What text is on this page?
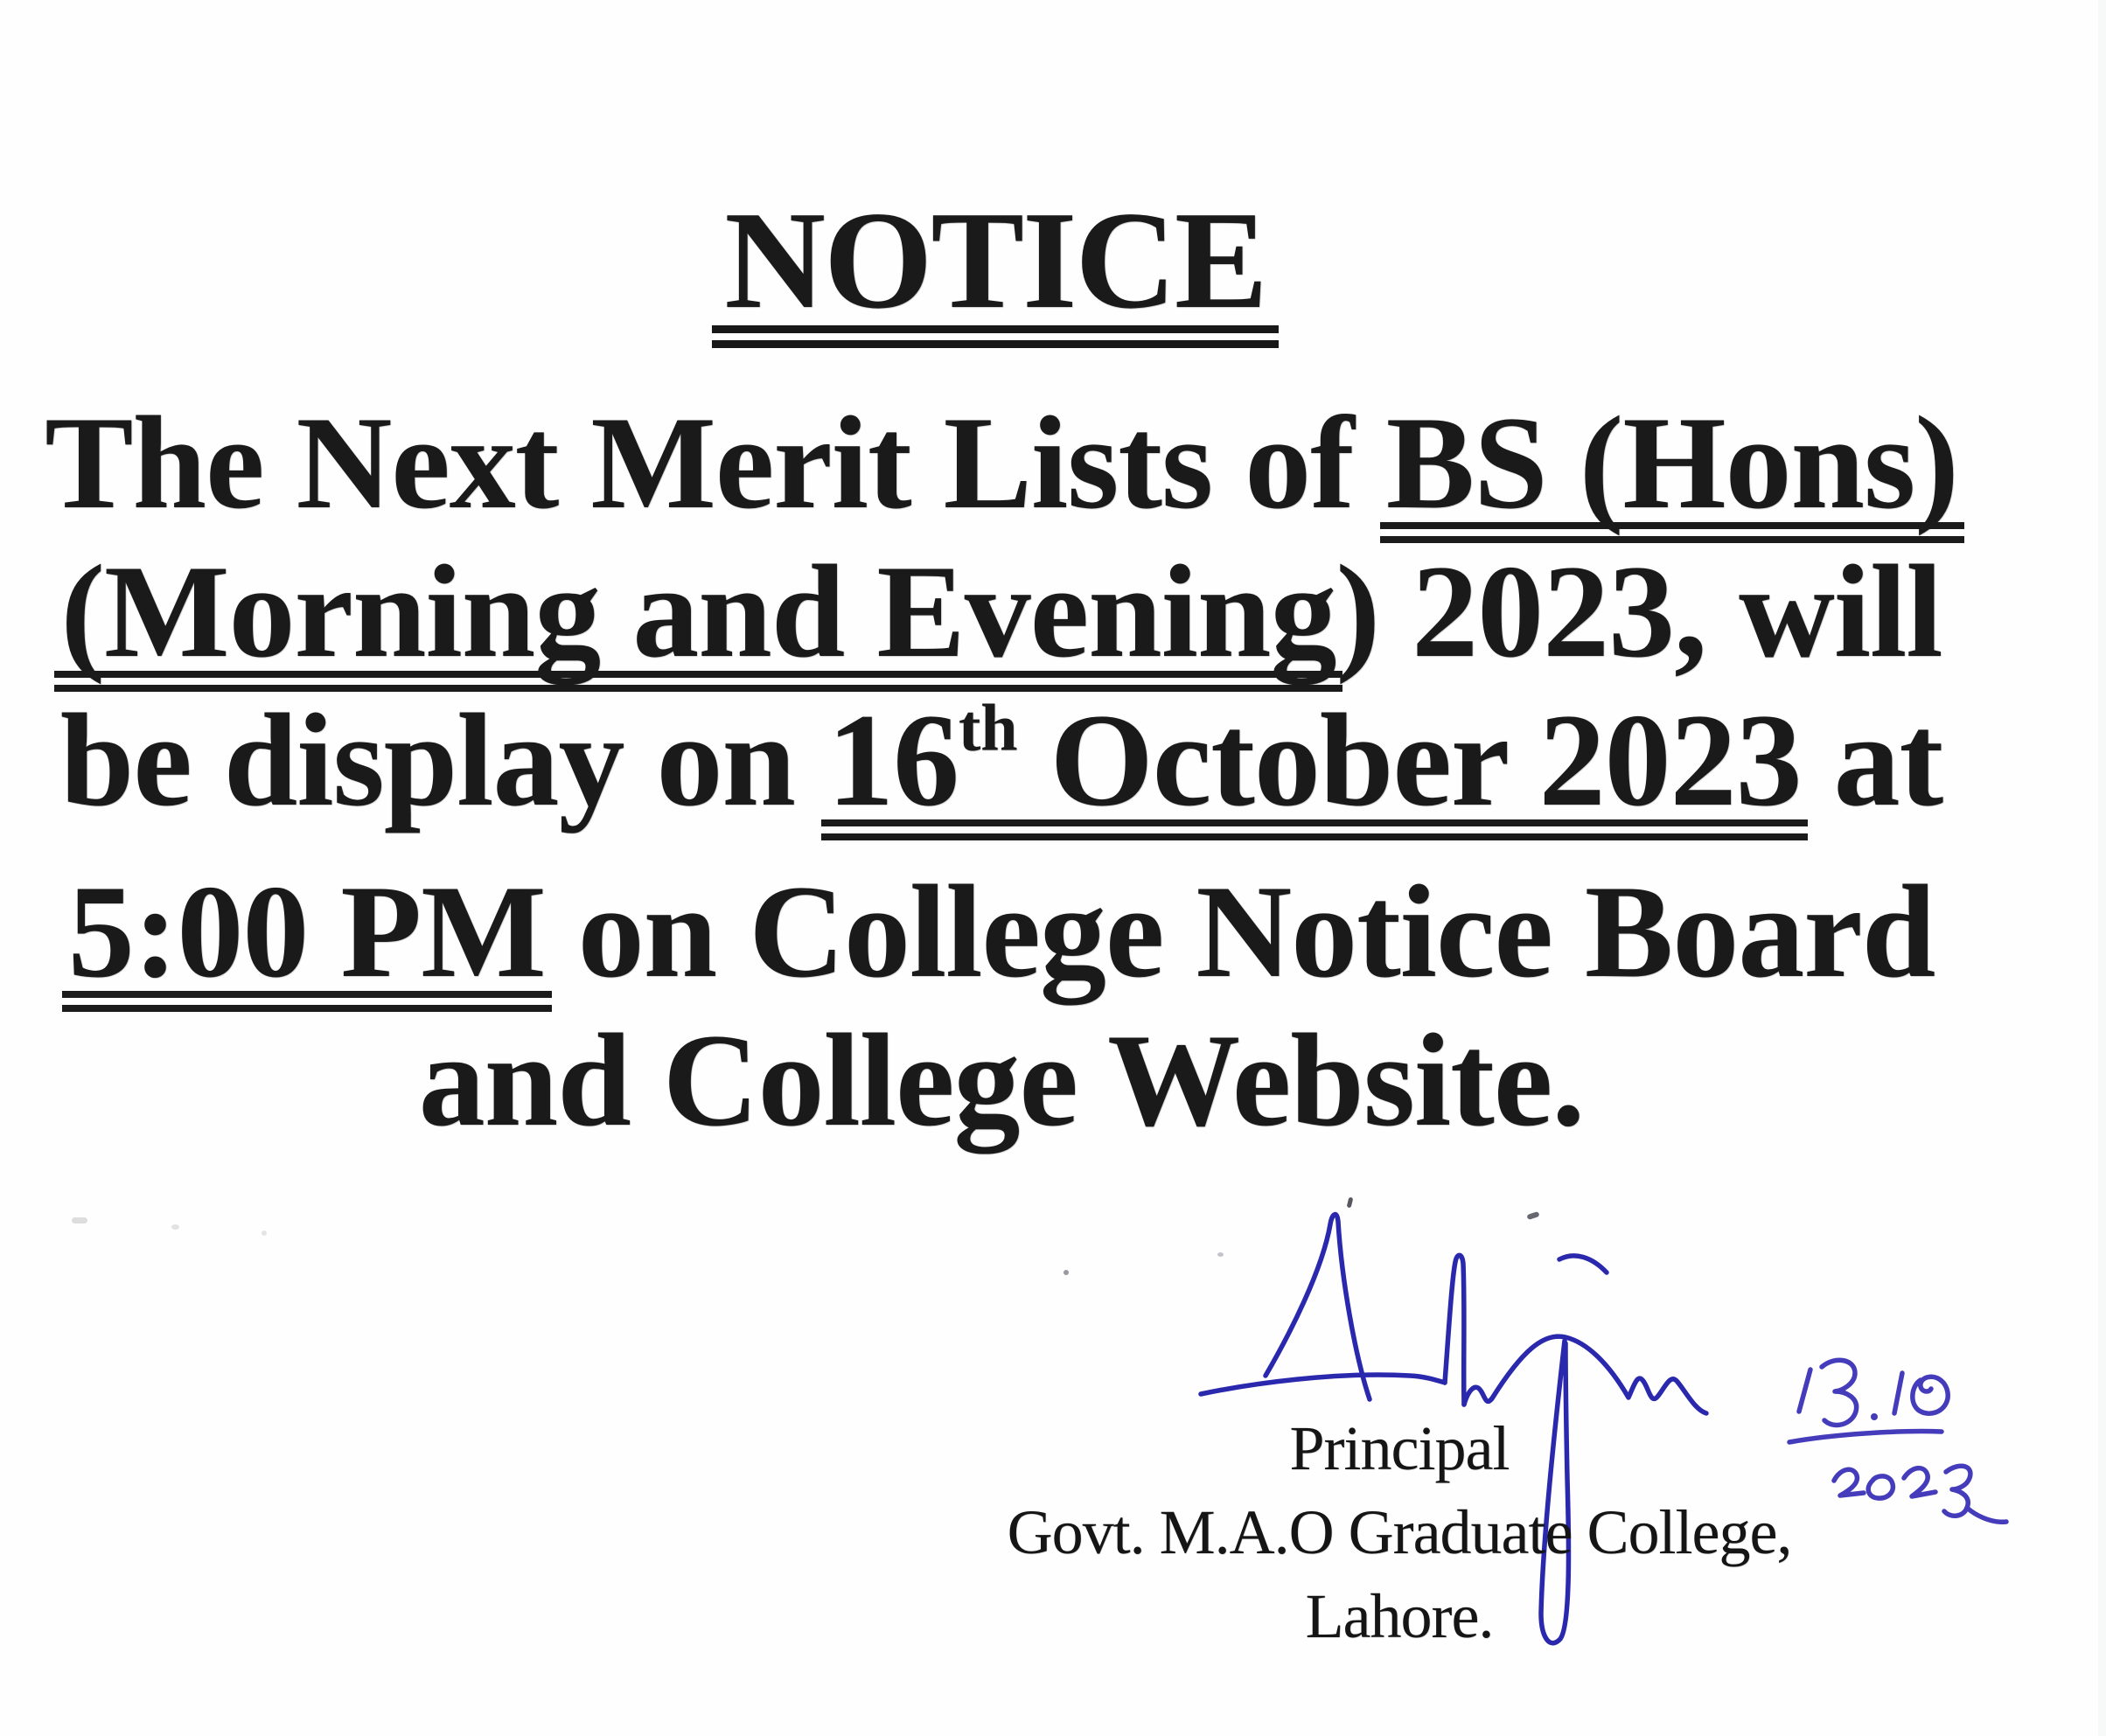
NOTICE
The Next Merit Lists of BS (Hons)
(Morning and Evening) 2023, will
be display on 16th October 2023 at
5:00 PM on College Notice Board
and College Website.
Principal
Govt. M.A.O Graduate College,
Lahore.
